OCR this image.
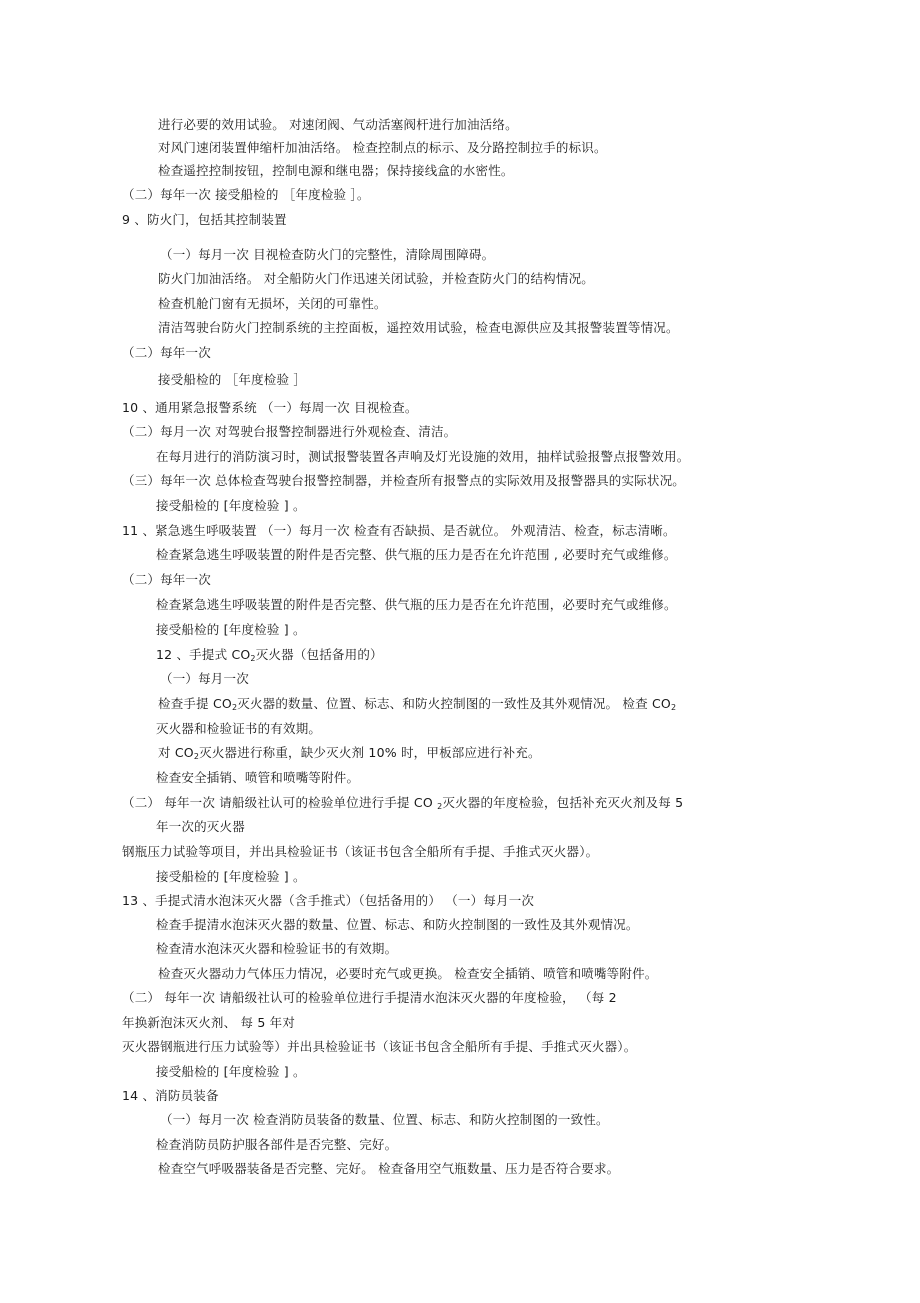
进行必要的效用试验。 对速闭阀、气动活塞阀杆进行加油活络。
对风门速闭装置伸缩杆加油活络。 检查控制点的标示、及分路控制拉手的标识。
检查遥控控制按钮，控制电源和继电器；保持接线盒的水密性。
（二）每年一次 接受船检的 ［年度检验 ］。
9 、防火门，包括其控制装置
（一）每月一次 目视检查防火门的完整性，清除周围障碍。
防火门加油活络。 对全船防火门作迅速关闭试验，并检查防火门的结构情况。
检查机舱门窗有无损坏，关闭的可靠性。
清洁驾驶台防火门控制系统的主控面板，遥控效用试验，检查电源供应及其报警装置等情况。
（二）每年一次
接受船检的 ［年度检验 ］
10 、通用紧急报警系统 （一）每周一次 目视检查。
（二）每月一次 对驾驶台报警控制器进行外观检查、清洁。
在每月进行的消防演习时，测试报警装置各声响及灯光设施的效用，抽样试验报警点报警效用。
（三）每年一次 总体检查驾驶台报警控制器，并检查所有报警点的实际效用及报警器具的实际状况。
接受船检的 [年度检验 ] 。
11 、紧急逃生呼吸装置 （一）每月一次 检查有否缺损、是否就位。 外观清洁、检查，标志清晰。
检查紧急逃生呼吸装置的附件是否完整、供气瓶的压力是否在允许范围 , 必要时充气或维修。
（二）每年一次
检查紧急逃生呼吸装置的附件是否完整、供气瓶的压力是否在允许范围，必要时充气或维修。
接受船检的 [年度检验 ] 。
12 、手提式 $CO_2$灭火器（包括备用的）
（一）每月一次
检查手提 $CO_2$灭火器的数量、位置、标志、和防火控制图的一致性及其外观情况。 检查 $CO_2$
灭火器和检验证书的有效期。
对 $CO_2$灭火器进行称重，缺少灭火剂 10% 时，甲板部应进行补充。
检查安全插销、喷管和喷嘴等附件。
（二） 每年一次 请船级社认可的检验单位进行手提 CO $_2$灭火器的年度检验，包括补充灭火剂及每 5
年一次的灭火器
钢瓶压力试验等项目，并出具检验证书（该证书包含全船所有手提、手推式灭火器）。
接受船检的 [年度检验 ] 。
13 、手提式清水泡沫灭火器（含手推式）（包括备用的） （一）每月一次
检查手提清水泡沫灭火器的数量、位置、标志、和防火控制图的一致性及其外观情况。
检查清水泡沫灭火器和检验证书的有效期。
检查灭火器动力气体压力情况，必要时充气或更换。 检查安全插销、喷管和喷嘴等附件。
（二） 每年一次 请船级社认可的检验单位进行手提清水泡沫灭火器的年度检验， （每 2
年换新泡沫灭火剂、 每 5 年对
灭火器钢瓶进行压力试验等）并出具检验证书（该证书包含全船所有手提、手推式灭火器）。
接受船检的 [年度检验 ] 。
14 、消防员装备
（一）每月一次 检查消防员装备的数量、位置、标志、和防火控制图的一致性。
检查消防员防护服各部件是否完整、完好。
检查空气呼吸器装备是否完整、完好。 检查备用空气瓶数量、压力是否符合要求。
